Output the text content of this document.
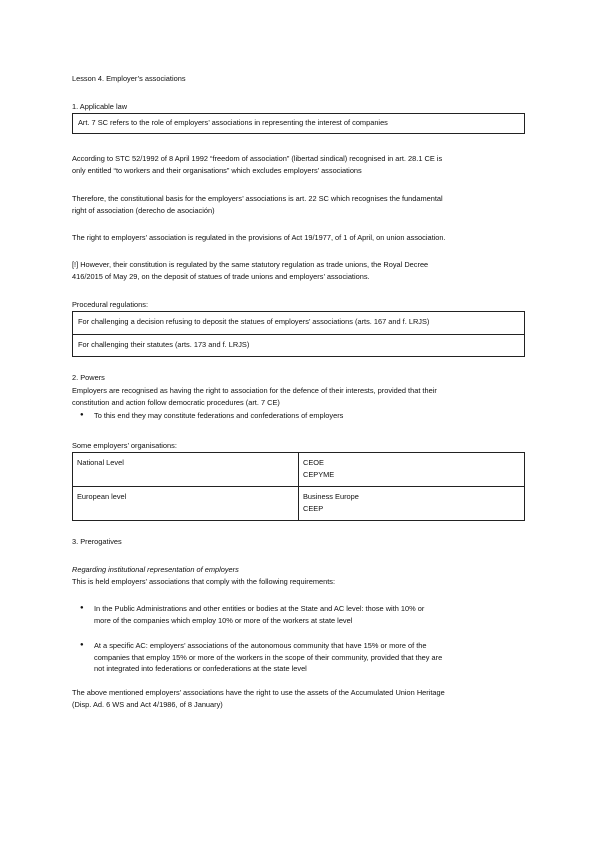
Lesson 4. Employer’s associations
1. Applicable law
Art. 7 SC refers to the role of employers’ associations in representing the interest of companies

According to STC 52/1992 of 8 April 1992 “freedom of association” (libertad sindical) recognised in art. 28.1 CE is
only entitled “to workers and their organisations” which excludes employers’ associations

Therefore, the constitutional basis for the employers’ associations is art. 22 SC which recognises the fundamental
right of association (derecho de asociación)

The right to employers’ association is regulated in the provisions of Act 19/1977, of 1 of April, on union association.

[!] However, their constitution is regulated by the same statutory regulation as trade unions, the Royal Decree
416/2015 of May 29, on the deposit of statues of trade unions and employers’ associations.

Procedural regulations:
For challenging a decision refusing to deposit the statues of employers’ associations (arts. 167 and f. LRJS)
For challenging their statutes (arts. 173 and f. LRJS)
2. Powers

Employers are recognised as having the right to association for the defence of their interests, provided that their
constitution and action follow democratic procedures (art. 7 CE)

● To this end they may constitute federations and confederations of employers
Some employers’ organisations:
National Level	CEOE
CEPYME

European level	Business Europe
CEEP
3. Prerogatives
Regarding institutional representation of employers
This is held employers’ associations that comply with the following requirements:
● In the Public Administrations and other entities or bodies at the State and AC level: those with 10% or
more of the companies which employ 10% or more of the workers at state level
● At a specific AC: employers’ associations of the autonomous community that have 15% or more of the
companies that employ 15% or more of the workers in the scope of their community, provided that they are
not integrated into federations or confederations at the state level

The above mentioned employers’ associations have the right to use the assets of the Accumulated Union Heritage
(Disp. Ad. 6 WS and Act 4/1986, of 8 January)
